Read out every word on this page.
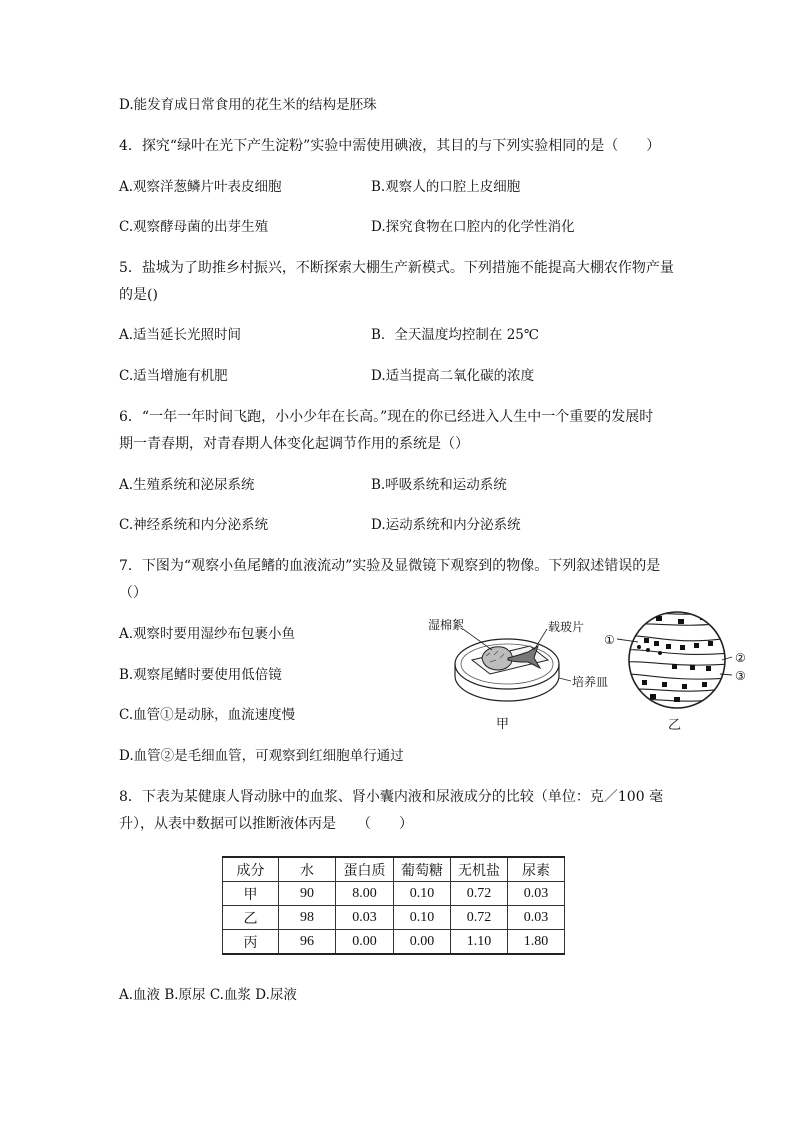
D.能发育成日常食用的花生米的结构是胚珠
4．探究“绿叶在光下产生淀粉”实验中需使用碘液，其目的与下列实验相同的是（　　）
A.观察洋葱鳞片叶表皮细胞	B.观察人的口腔上皮细胞
C.观察酵母菌的出芽生殖	D.探究食物在口腔内的化学性消化
5．盐城为了助推乡村振兴，不断探索大棚生产新模式。下列措施不能提高大棚农作物产量
的是()
A.适当延长光照时间	B．全天温度均控制在 25℃
C.适当增施有机肥	D.适当提高二氧化碳的浓度
6．“一年一年时间飞跑，小小少年在长高。”现在的你已经进入人生中一个重要的发展时
期一青春期，对青春期人体变化起调节作用的系统是（）
A.生殖系统和泌尿系统	B.呼吸系统和运动系统
C.神经系统和内分泌系统	D.运动系统和内分泌系统
7．下图为“观察小鱼尾鳍的血液流动”实验及显微镜下观察到的物像。下列叙述错误的是
（）
A.观察时要用湿纱布包裹小鱼
B.观察尾鳍时要使用低倍镜
C.血管①是动脉，血流速度慢
D.血管②是毛细血管，可观察到红细胞单行通过
湿棉絮	载玻片
培养皿
甲
①
②
③
乙
8．下表为某健康人肾动脉中的血浆、肾小囊内液和尿液成分的比较（单位：克／100 毫
升），从表中数据可以推断液体丙是　　（　　）
成分	水	蛋白质	葡萄糖	无机盐	尿素
甲	90	8.00	0.10	0.72	0.03
乙	98	0.03	0.10	0.72	0.03
丙	96	0.00	0.00	1.10	1.80
A.血液 B.原尿 C.血浆 D.尿液
